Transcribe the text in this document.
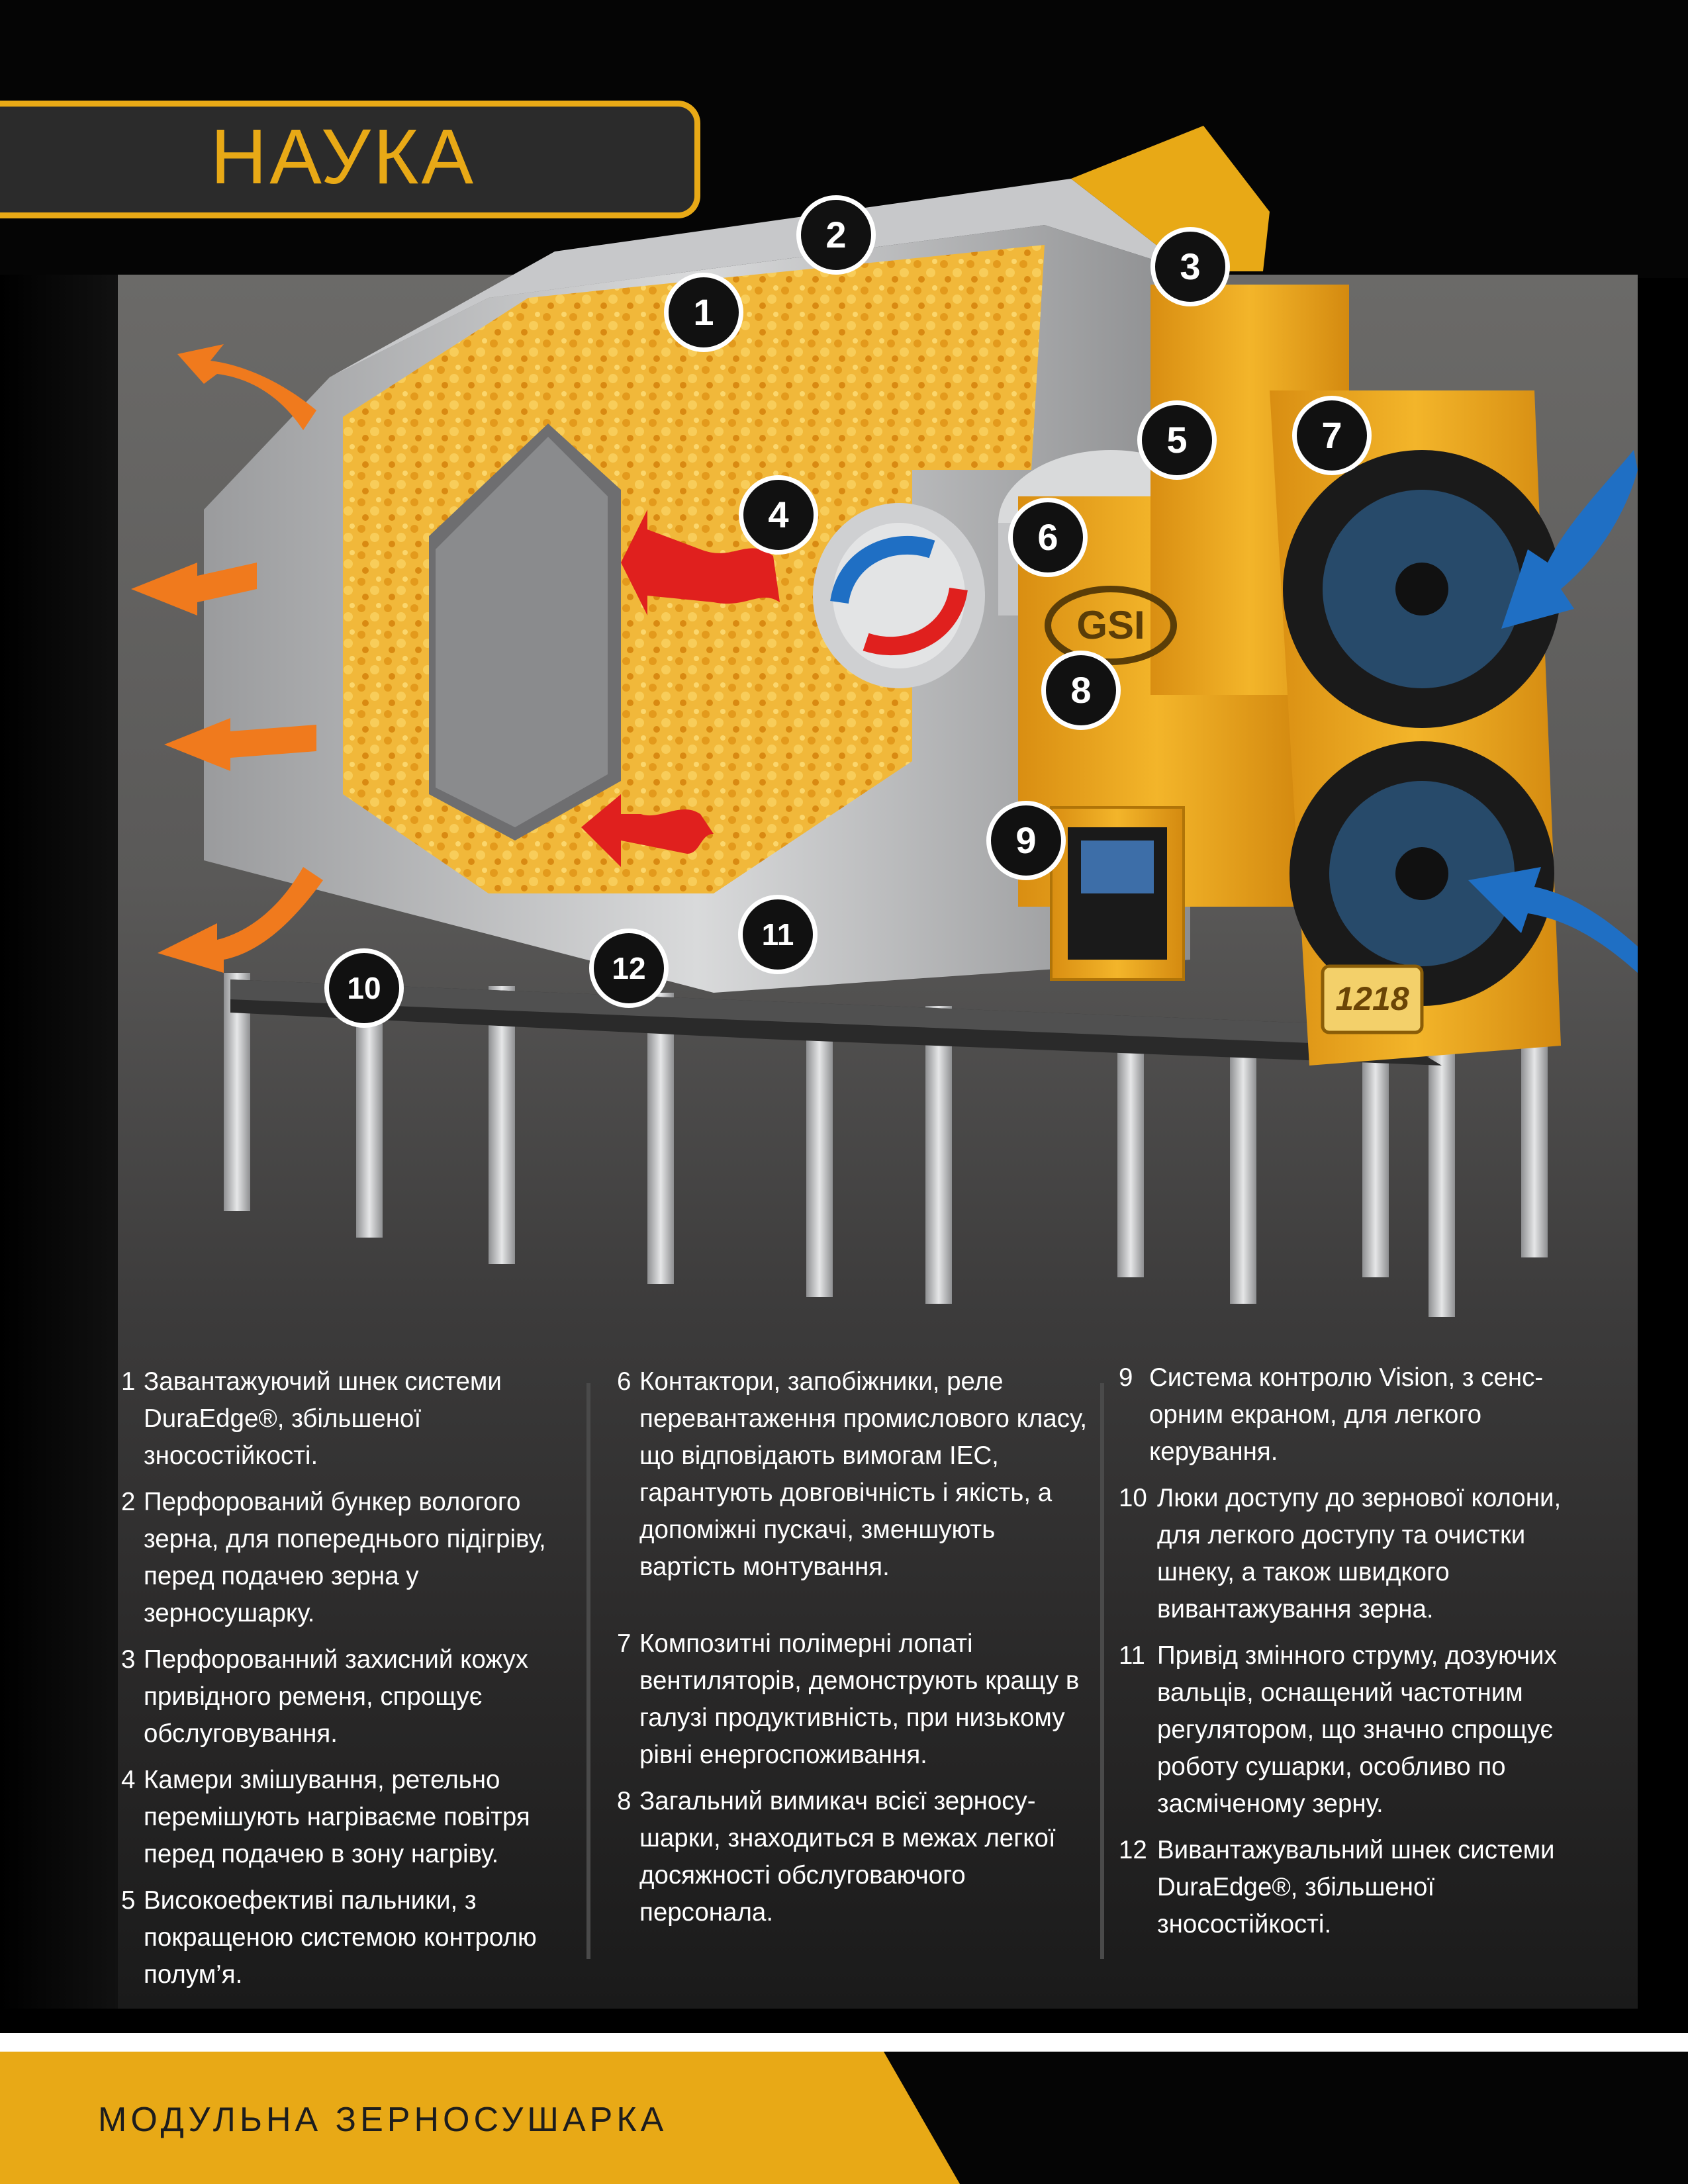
GSI
1218
1
2
3
4
5
6
7
8
9
10
11
12
НАУКА
1 Завантажуючий шнек системи DuraEdge®, збільшеної зносостійкості.
2 Перфорований бункер вологого зерна, для попереднього підігріву, перед подачею зерна у зерносушарку.
3 Перфорованний захисний кожух привідного ременя, спрощує обслуговування.
4 Камери змішування, ретельно перемішують нагріваєме повітря перед подачею в зону нагріву.
5 Високоефективі пальники, з покращеною системою контролю полум’я.
6 Контактори, запобіжники, реле перевантаження промислового класу, що відповідають вимогам IEC, гарантують довговічність і якість, а допоміжні пускачі, зменшують вартість монтування.
7 Композитні полімерні лопаті вентиляторів, демонструють кращу в галузі продуктивність, при низькому рівні енергоспоживання.
8 Загальний вимикач всієї зерносу-шарки, знаходиться в межах легкої досяжності обслуговаючого персонала.
9 Система контролю Vision, з сенс-орним екраном, для легкого керування.
10 Люки доступу до зернової колони, для легкого доступу та очистки шнеку, а також швидкого вивантажування зерна.
11 Привід змінного струму, дозуючих вальців, оснащений частотним регулятором, що значно спрощує роботу сушарки, особливо по засміченому зерну.
12 Вивантажувальний шнек системи DuraEdge®, збільшеної зносостійкості.
МОДУЛЬНА ЗЕРНОСУШАРКА
